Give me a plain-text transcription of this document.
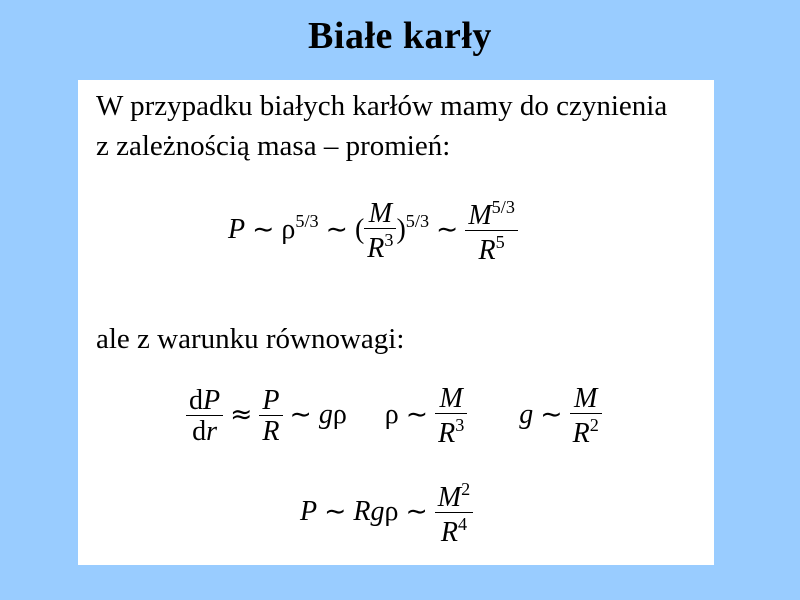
Białe karły
W przypadku białych karłów mamy do czynienia
z zależnością masa – promień:
P ∼ $\rho^{5/3}$ ∼ ( $\frac{M}{R^3} )^{5/3}$ ∼ $\frac{M^{5/3}}{R^5}$
ale z warunku równowagi:
$\frac{dP}{dr} \approx \frac{P}{R}$ ∼ gρ ρ ∼ $\frac{M}{R^3}$ g ∼ $\frac{M}{R^2}$
P ∼ Rgρ ∼ $\frac{M^2}{R^4}$
